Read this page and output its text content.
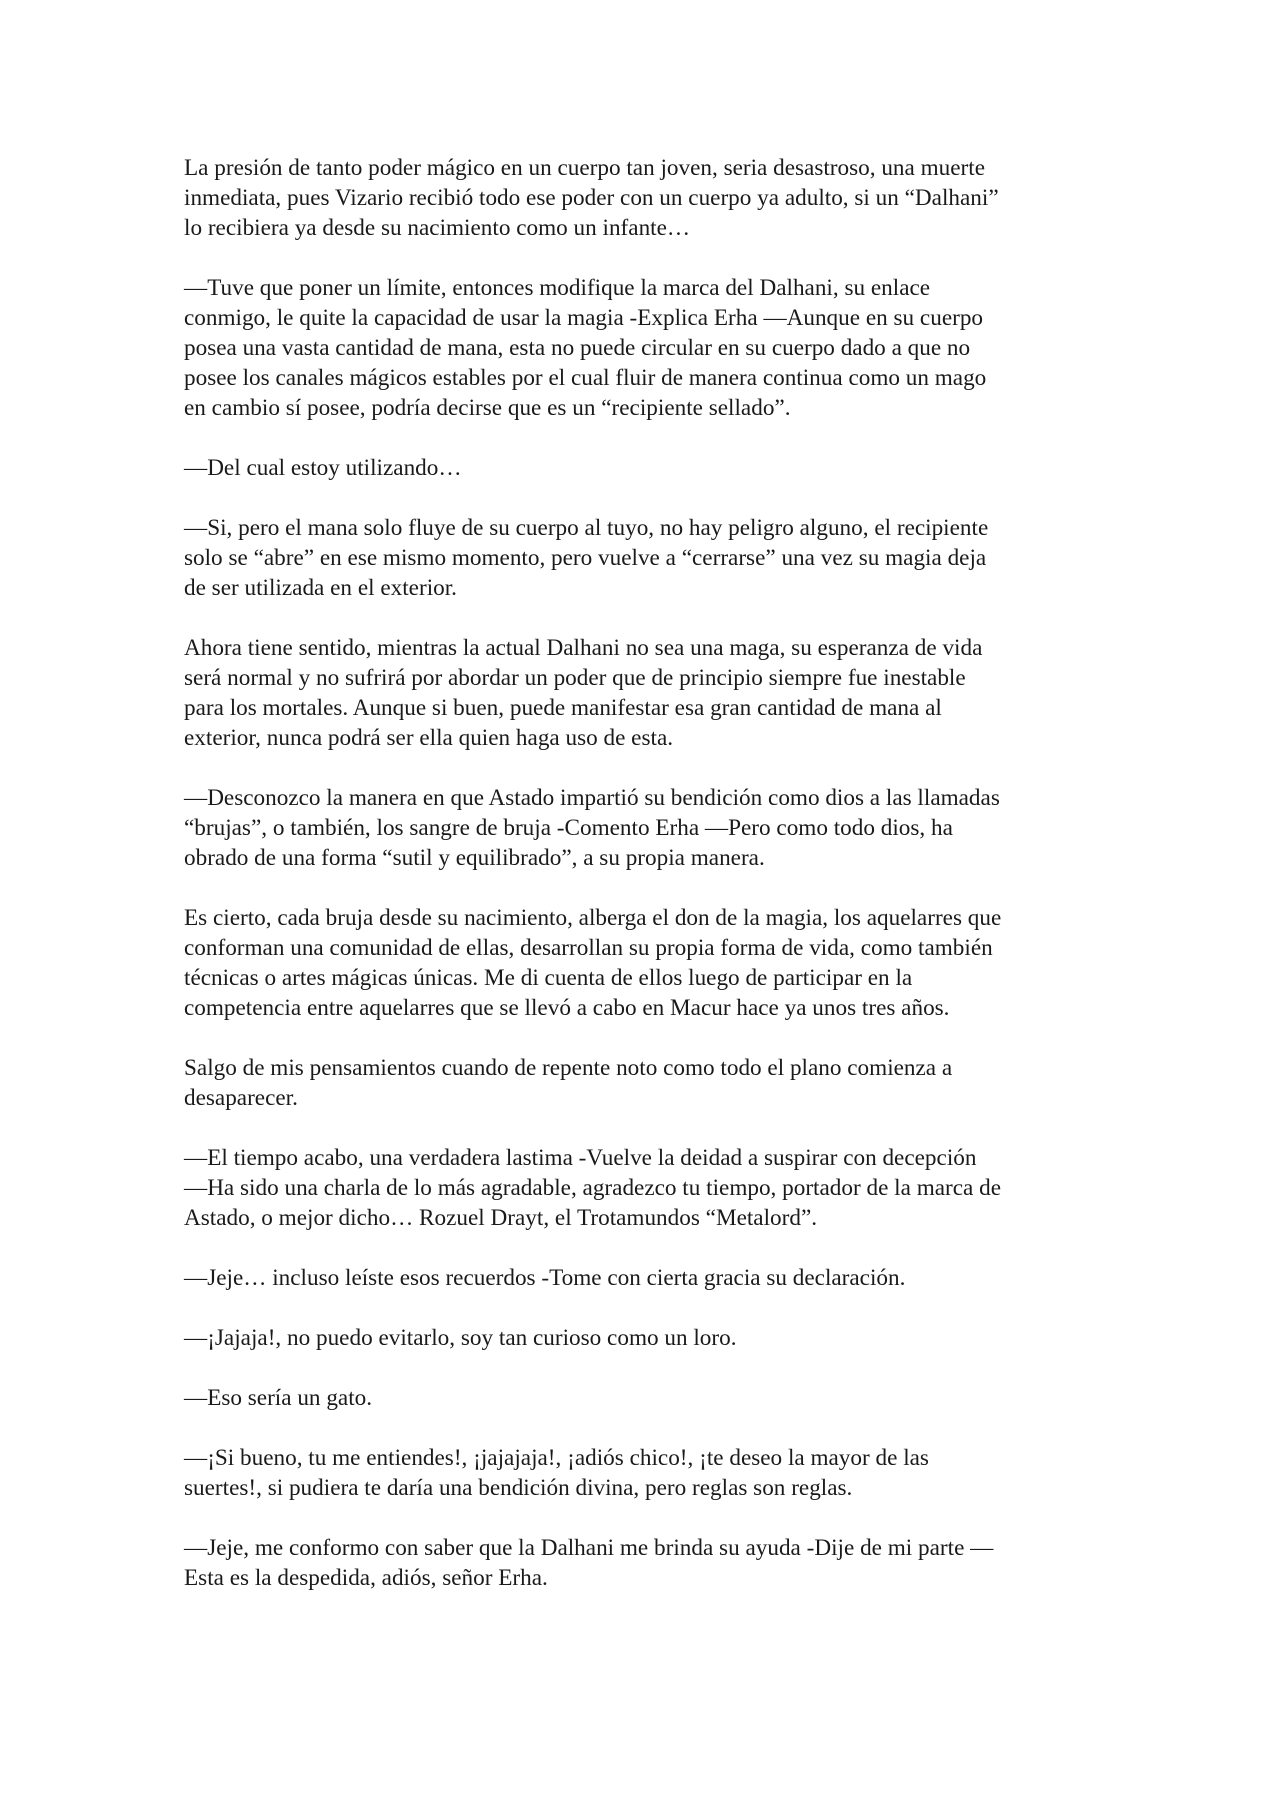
La presión de tanto poder mágico en un cuerpo tan joven, seria desastroso, una muerte
inmediata, pues Vizario recibió todo ese poder con un cuerpo ya adulto, si un “Dalhani”
lo recibiera ya desde su nacimiento como un infante…

—Tuve que poner un límite, entonces modifique la marca del Dalhani, su enlace
conmigo, le quite la capacidad de usar la magia -Explica Erha —Aunque en su cuerpo
posea una vasta cantidad de mana, esta no puede circular en su cuerpo dado a que no
posee los canales mágicos estables por el cual fluir de manera continua como un mago
en cambio sí posee, podría decirse que es un “recipiente sellado”.

—Del cual estoy utilizando…

—Si, pero el mana solo fluye de su cuerpo al tuyo, no hay peligro alguno, el recipiente
solo se “abre” en ese mismo momento, pero vuelve a “cerrarse” una vez su magia deja
de ser utilizada en el exterior.

Ahora tiene sentido, mientras la actual Dalhani no sea una maga, su esperanza de vida
será normal y no sufrirá por abordar un poder que de principio siempre fue inestable
para los mortales. Aunque si buen, puede manifestar esa gran cantidad de mana al
exterior, nunca podrá ser ella quien haga uso de esta.

—Desconozco la manera en que Astado impartió su bendición como dios a las llamadas
“brujas”, o también, los sangre de bruja -Comento Erha —Pero como todo dios, ha
obrado de una forma “sutil y equilibrado”, a su propia manera.

Es cierto, cada bruja desde su nacimiento, alberga el don de la magia, los aquelarres que
conforman una comunidad de ellas, desarrollan su propia forma de vida, como también
técnicas o artes mágicas únicas. Me di cuenta de ellos luego de participar en la
competencia entre aquelarres que se llevó a cabo en Macur hace ya unos tres años.

Salgo de mis pensamientos cuando de repente noto como todo el plano comienza a
desaparecer.

—El tiempo acabo, una verdadera lastima -Vuelve la deidad a suspirar con decepción

—Ha sido una charla de lo más agradable, agradezco tu tiempo, portador de la marca de
Astado, o mejor dicho… Rozuel Drayt, el Trotamundos “Metalord”.

—Jeje… incluso leíste esos recuerdos -Tome con cierta gracia su declaración.

—¡Jajaja!, no puedo evitarlo, soy tan curioso como un loro.

—Eso sería un gato.

—¡Si bueno, tu me entiendes!, ¡jajajaja!, ¡adiós chico!, ¡te deseo la mayor de las
suertes!, si pudiera te daría una bendición divina, pero reglas son reglas.

—Jeje, me conformo con saber que la Dalhani me brinda su ayuda -Dije de mi parte —
Esta es la despedida, adiós, señor Erha.
